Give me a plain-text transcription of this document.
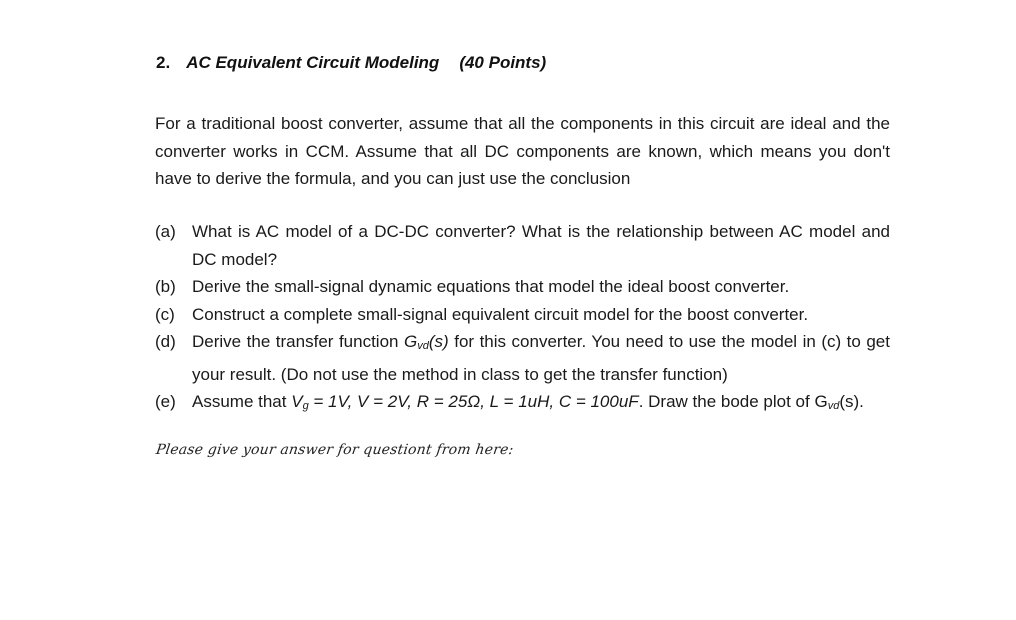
2. AC Equivalent Circuit Modeling (40 Points)
For a traditional boost converter, assume that all the components in this circuit are ideal and the converter works in CCM. Assume that all DC components are known, which means you don't have to derive the formula, and you can just use the conclusion
(a) What is AC model of a DC-DC converter? What is the relationship between AC model and DC model?
(b) Derive the small-signal dynamic equations that model the ideal boost converter.
(c) Construct a complete small-signal equivalent circuit model for the boost converter.
(d) Derive the transfer function Gvd(s) for this converter. You need to use the model in (c) to get your result. (Do not use the method in class to get the transfer function)
(e) Assume that Vg = 1V, V = 2V, R = 25Ω, L = 1uH, C = 100uF. Draw the bode plot of Gvd(s).
Please give your answer for questiont from here:
